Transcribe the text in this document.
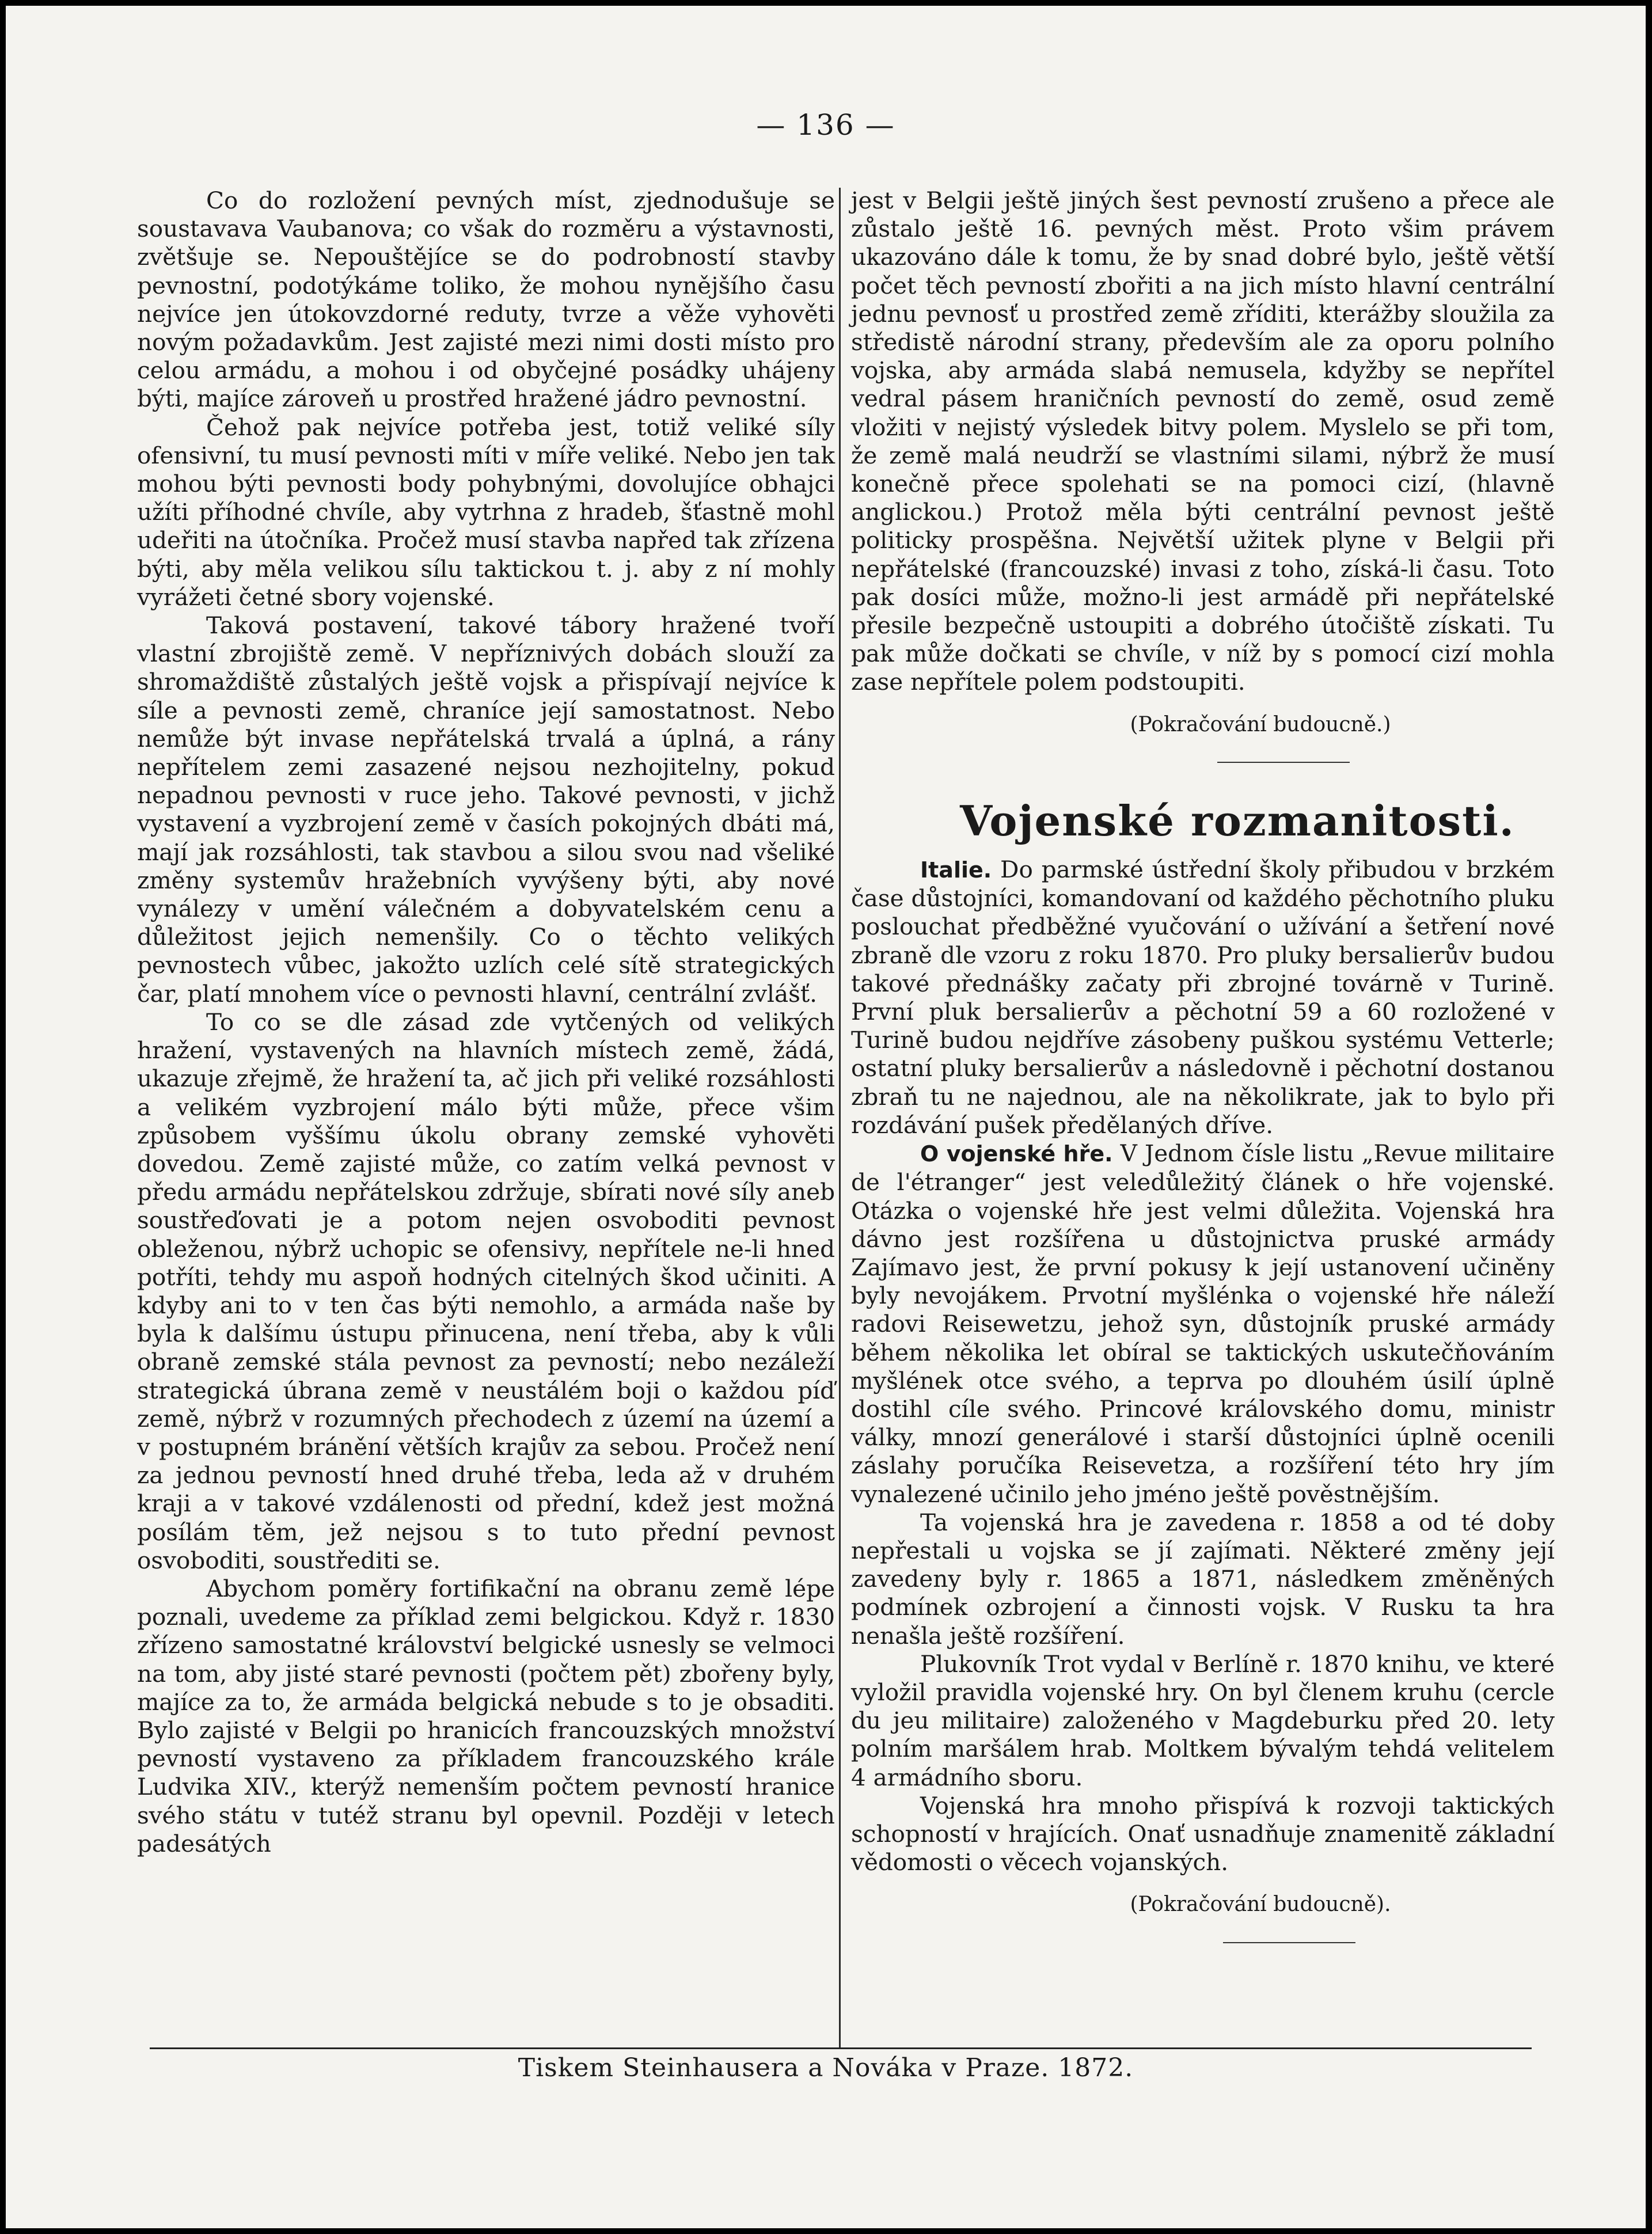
— 136 —

Co do rozložení pevných míst, zjednodušuje se soustavava Vaubanova; co však do rozměru a výstavnosti, zvětšuje se. Nepouštějíce se do podrobností stavby pevnostní, podotýkáme toliko, že mohou nynějšího času nejvíce jen útokovzdorné reduty, tvrze a věže vyhověti novým požadavkům. Jest zajisté mezi nimi dosti místo pro celou armádu, a mohou i od obyčejné posádky uhájeny býti, majíce zároveň u prostřed hražené jádro pevnostní.

Čehož pak nejvíce potřeba jest, totiž veliké síly ofensivní, tu musí pevnosti míti v míře veliké. Nebo jen tak mohou býti pevnosti body pohybnými, dovolujíce obhajci užíti příhodné chvíle, aby vytrhna z hradeb, šťastně mohl udeřiti na útočníka. Pročež musí stavba napřed tak zřízena býti, aby měla velikou sílu taktickou t. j. aby z ní mohly vyrážeti četné sbory vojenské.

Taková postavení, takové tábory hražené tvoří vlastní zbrojiště země. V nepříznivých dobách slouží za shromaždiště zůstalých ještě vojsk a přispívají nejvíce k síle a pevnosti země, chraníce její samostatnost. Nebo nemůže být invase nepřátelská trvalá a úplná, a rány nepřítelem zemi zasazené nejsou nezhojitelny, pokud nepadnou pevnosti v ruce jeho. Takové pevnosti, v jichž vystavení a vyzbrojení země v časích pokojných dbáti má, mají jak rozsáhlosti, tak stavbou a silou svou nad všeliké změny systemův hražebních vyvýšeny býti, aby nové vynálezy v umění válečném a dobyvatelském cenu a důležitost jejich nemenšily. Co o těchto velikých pevnostech vůbec, jakožto uzlích celé sítě strategických čar, platí mnohem více o pevnosti hlavní, centrální zvlášť.

To co se dle zásad zde vytčených od velikých hražení, vystavených na hlavních místech země, žádá, ukazuje zřejmě, že hražení ta, ač jich při veliké rozsáhlosti a velikém vyzbrojení málo býti může, přece všim způsobem vyššímu úkolu obrany zemské vyhověti dovedou. Země zajisté může, co zatím velká pevnost v předu armádu nepřátelskou zdržuje, sbírati nové síly aneb soustřeďovati je a potom nejen osvoboditi pevnost obleženou, nýbrž uchopic se ofensivy, nepřítele ne-li hned potříti, tehdy mu aspoň hodných citelných škod učiniti. A kdyby ani to v ten čas býti nemohlo, a armáda naše by byla k dalšímu ústupu přinucena, není třeba, aby k vůli obraně zemské stála pevnost za pevností; nebo nezáleží strategická úbrana země v neustálém boji o každou píď země, nýbrž v rozumných přechodech z území na území a v postupném bránění větších krajův za sebou. Pročež není za jednou pevností hned druhé třeba, leda až v druhém kraji a v takové vzdálenosti od přední, kdež jest možná posílám těm, jež nejsou s to tuto přední pevnost osvoboditi, soustřediti se.

Abychom poměry fortifikační na obranu země lépe poznali, uvedeme za příklad zemi belgickou. Když r. 1830 zřízeno samostatné království belgické usnesly se velmoci na tom, aby jisté staré pevnosti (počtem pět) zbořeny byly, majíce za to, že armáda belgická nebude s to je obsaditi. Bylo zajisté v Belgii po hranicích francouzských množství pevností vystaveno za příkladem francouzského krále Ludvika XIV., kterýž nemenším počtem pevností hranice svého státu v tutéž stranu byl opevnil. Později v letech padesátých

jest v Belgii ještě jiných šest pevností zrušeno a přece ale zůstalo ještě 16. pevných měst. Proto všim právem ukazováno dále k tomu, že by snad dobré bylo, ještě větší počet těch pevností zbořiti a na jich místo hlavní centrální jednu pevnosť u prostřed země zříditi, kterážby sloužila za středistě národní strany, především ale za oporu polního vojska, aby armáda slabá nemusela, kdyžby se nepřítel vedral pásem hraničních pevností do země, osud země vložiti v nejistý výsledek bitvy polem. Myslelo se při tom, že země malá neudrží se vlastními silami, nýbrž že musí konečně přece spolehati se na pomoci cizí, (hlavně anglickou.) Protož měla býti centrální pevnost ještě politicky prospěšna. Největší užitek plyne v Belgii při nepřátelské (francouzské) invasi z toho, získá-li času. Toto pak dosíci může, možno-li jest armádě při nepřátelské přesile bezpečně ustoupiti a dobrého útočiště získati. Tu pak může dočkati se chvíle, v níž by s pomocí cizí mohla zase nepřítele polem podstoupiti.

(Pokračování budoucně.)

Vojenské rozmanitosti.

Italie. Do parmské ústřední školy přibudou v brzkém čase důstojníci, komandovaní od každého pěchotního pluku poslouchat předběžné vyučování o užívání a šetření nové zbraně dle vzoru z roku 1870. Pro pluky bersalierův budou takové přednášky začaty při zbrojné továrně v Turině. První pluk bersalierův a pěchotní 59 a 60 rozložené v Turině budou nejdříve zásobeny puškou systému Vetterle; ostatní pluky bersalierův a následovně i pěchotní dostanou zbraň tu ne najednou, ale na několikrate, jak to bylo při rozdávání pušek předělaných dříve.

O vojenské hře. V Jednom čísle listu „Revue militaire de l'étranger“ jest veledůležitý článek o hře vojenské. Otázka o vojenské hře jest velmi důležita. Vojenská hra dávno jest rozšířena u důstojnictva pruské armády Zajímavo jest, že první pokusy k její ustanovení učiněny byly nevojákem. Prvotní myšlénka o vojenské hře náleží radovi Reisewetzu, jehož syn, důstojník pruské armády během několika let obíral se taktických uskutečňováním myšlének otce svého, a teprva po dlouhém úsilí úplně dostihl cíle svého. Princové královského domu, ministr války, mnozí generálové i starší důstojníci úplně ocenili záslahy poručíka Reisevetza, a rozšíření této hry jím vynalezené učinilo jeho jméno ještě pověstnějším.

Ta vojenská hra je zavedena r. 1858 a od té doby nepřestali u vojska se jí zajímati. Některé změny její zavedeny byly r. 1865 a 1871, následkem změněných podmínek ozbrojení a činnosti vojsk. V Rusku ta hra nenašla ještě rozšíření.

Plukovník Trot vydal v Berlíně r. 1870 knihu, ve které vyložil pravidla vojenské hry. On byl členem kruhu (cercle du jeu militaire) založeného v Magdeburku před 20. lety polním maršálem hrab. Moltkem bývalým tehdá velitelem 4 armádního sboru.

Vojenská hra mnoho přispívá k rozvoji taktických schopností v hrajících. Onať usnadňuje znamenitě základní vědomosti o věcech vojanských.

(Pokračování budoucně).

Tiskem Steinhausera a Nováka v Praze. 1872.
